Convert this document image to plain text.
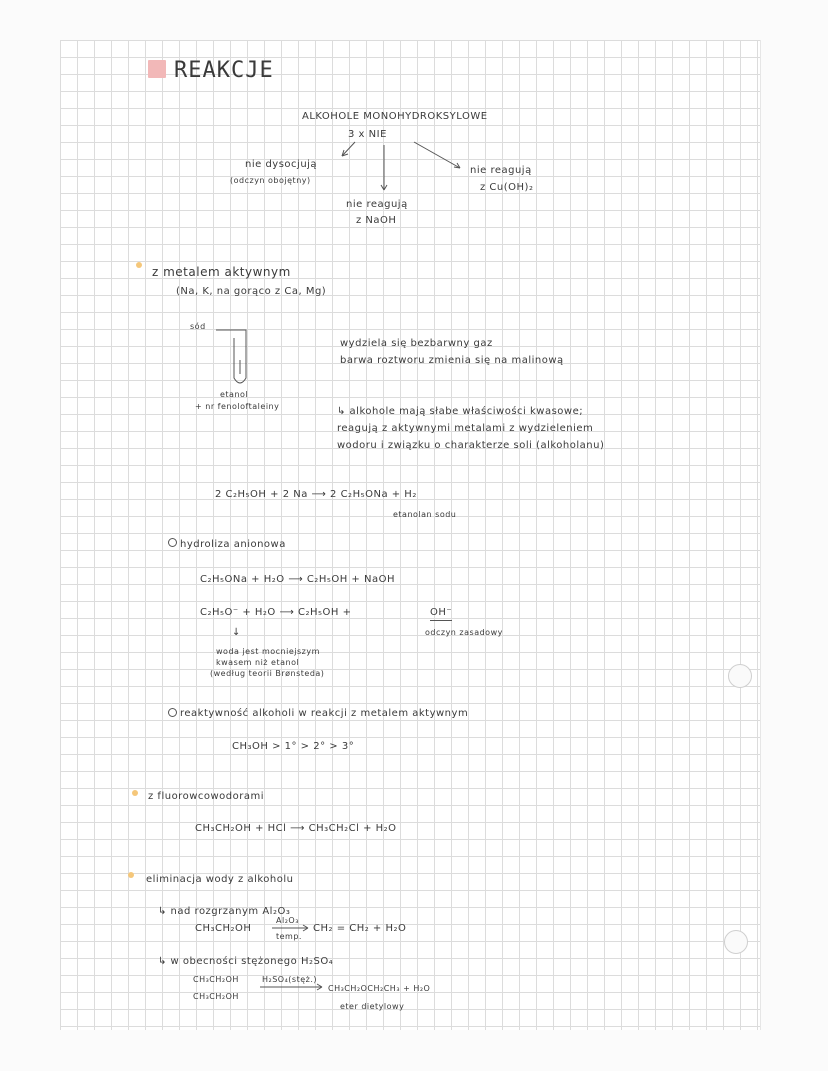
REAKCJE
ALKOHOLE MONOHYDROKSYLOWE
3 x NIE
nie dysocjują
(odczyn obojętny)
nie reagują
z NaOH
nie reagują
z Cu(OH)₂
z metalem aktywnym
(Na, K, na gorąco z Ca, Mg)
sód
etanol
+ nr fenoloftaleiny
wydziela się bezbarwny gaz
barwa roztworu zmienia się na malinową
↳ alkohole mają słabe właściwości kwasowe;
reagują z aktywnymi metalami z wydzieleniem
wodoru i związku o charakterze soli (alkoholanu)
2 C₂H₅OH + 2 Na ⟶ 2 C₂H₅ONa + H₂
etanolan sodu
hydroliza anionowa
C₂H₅ONa + H₂O ⟶ C₂H₅OH + NaOH
C₂H₅O⁻ + H₂O ⟶ C₂H₅OH +	OH⁻
odczyn zasadowy
↓
woda jest mocniejszym
kwasem niż etanol
(według teorii Brønsteda)
reaktywność alkoholi w reakcji z metalem aktywnym
CH₃OH > 1° > 2° > 3°
z fluorowcowodorami
CH₃CH₂OH + HCl ⟶ CH₃CH₂Cl + H₂O
eliminacja wody z alkoholu
↳ nad rozgrzanym Al₂O₃
CH₃CH₂OH
Al₂O₃
temp.
CH₂ = CH₂ + H₂O
↳ w obecności stężonego H₂SO₄
CH₃CH₂OH
CH₃CH₂OH
H₂SO₄(stęż.)
CH₃CH₂OCH₂CH₃ + H₂O
eter dietylowy
